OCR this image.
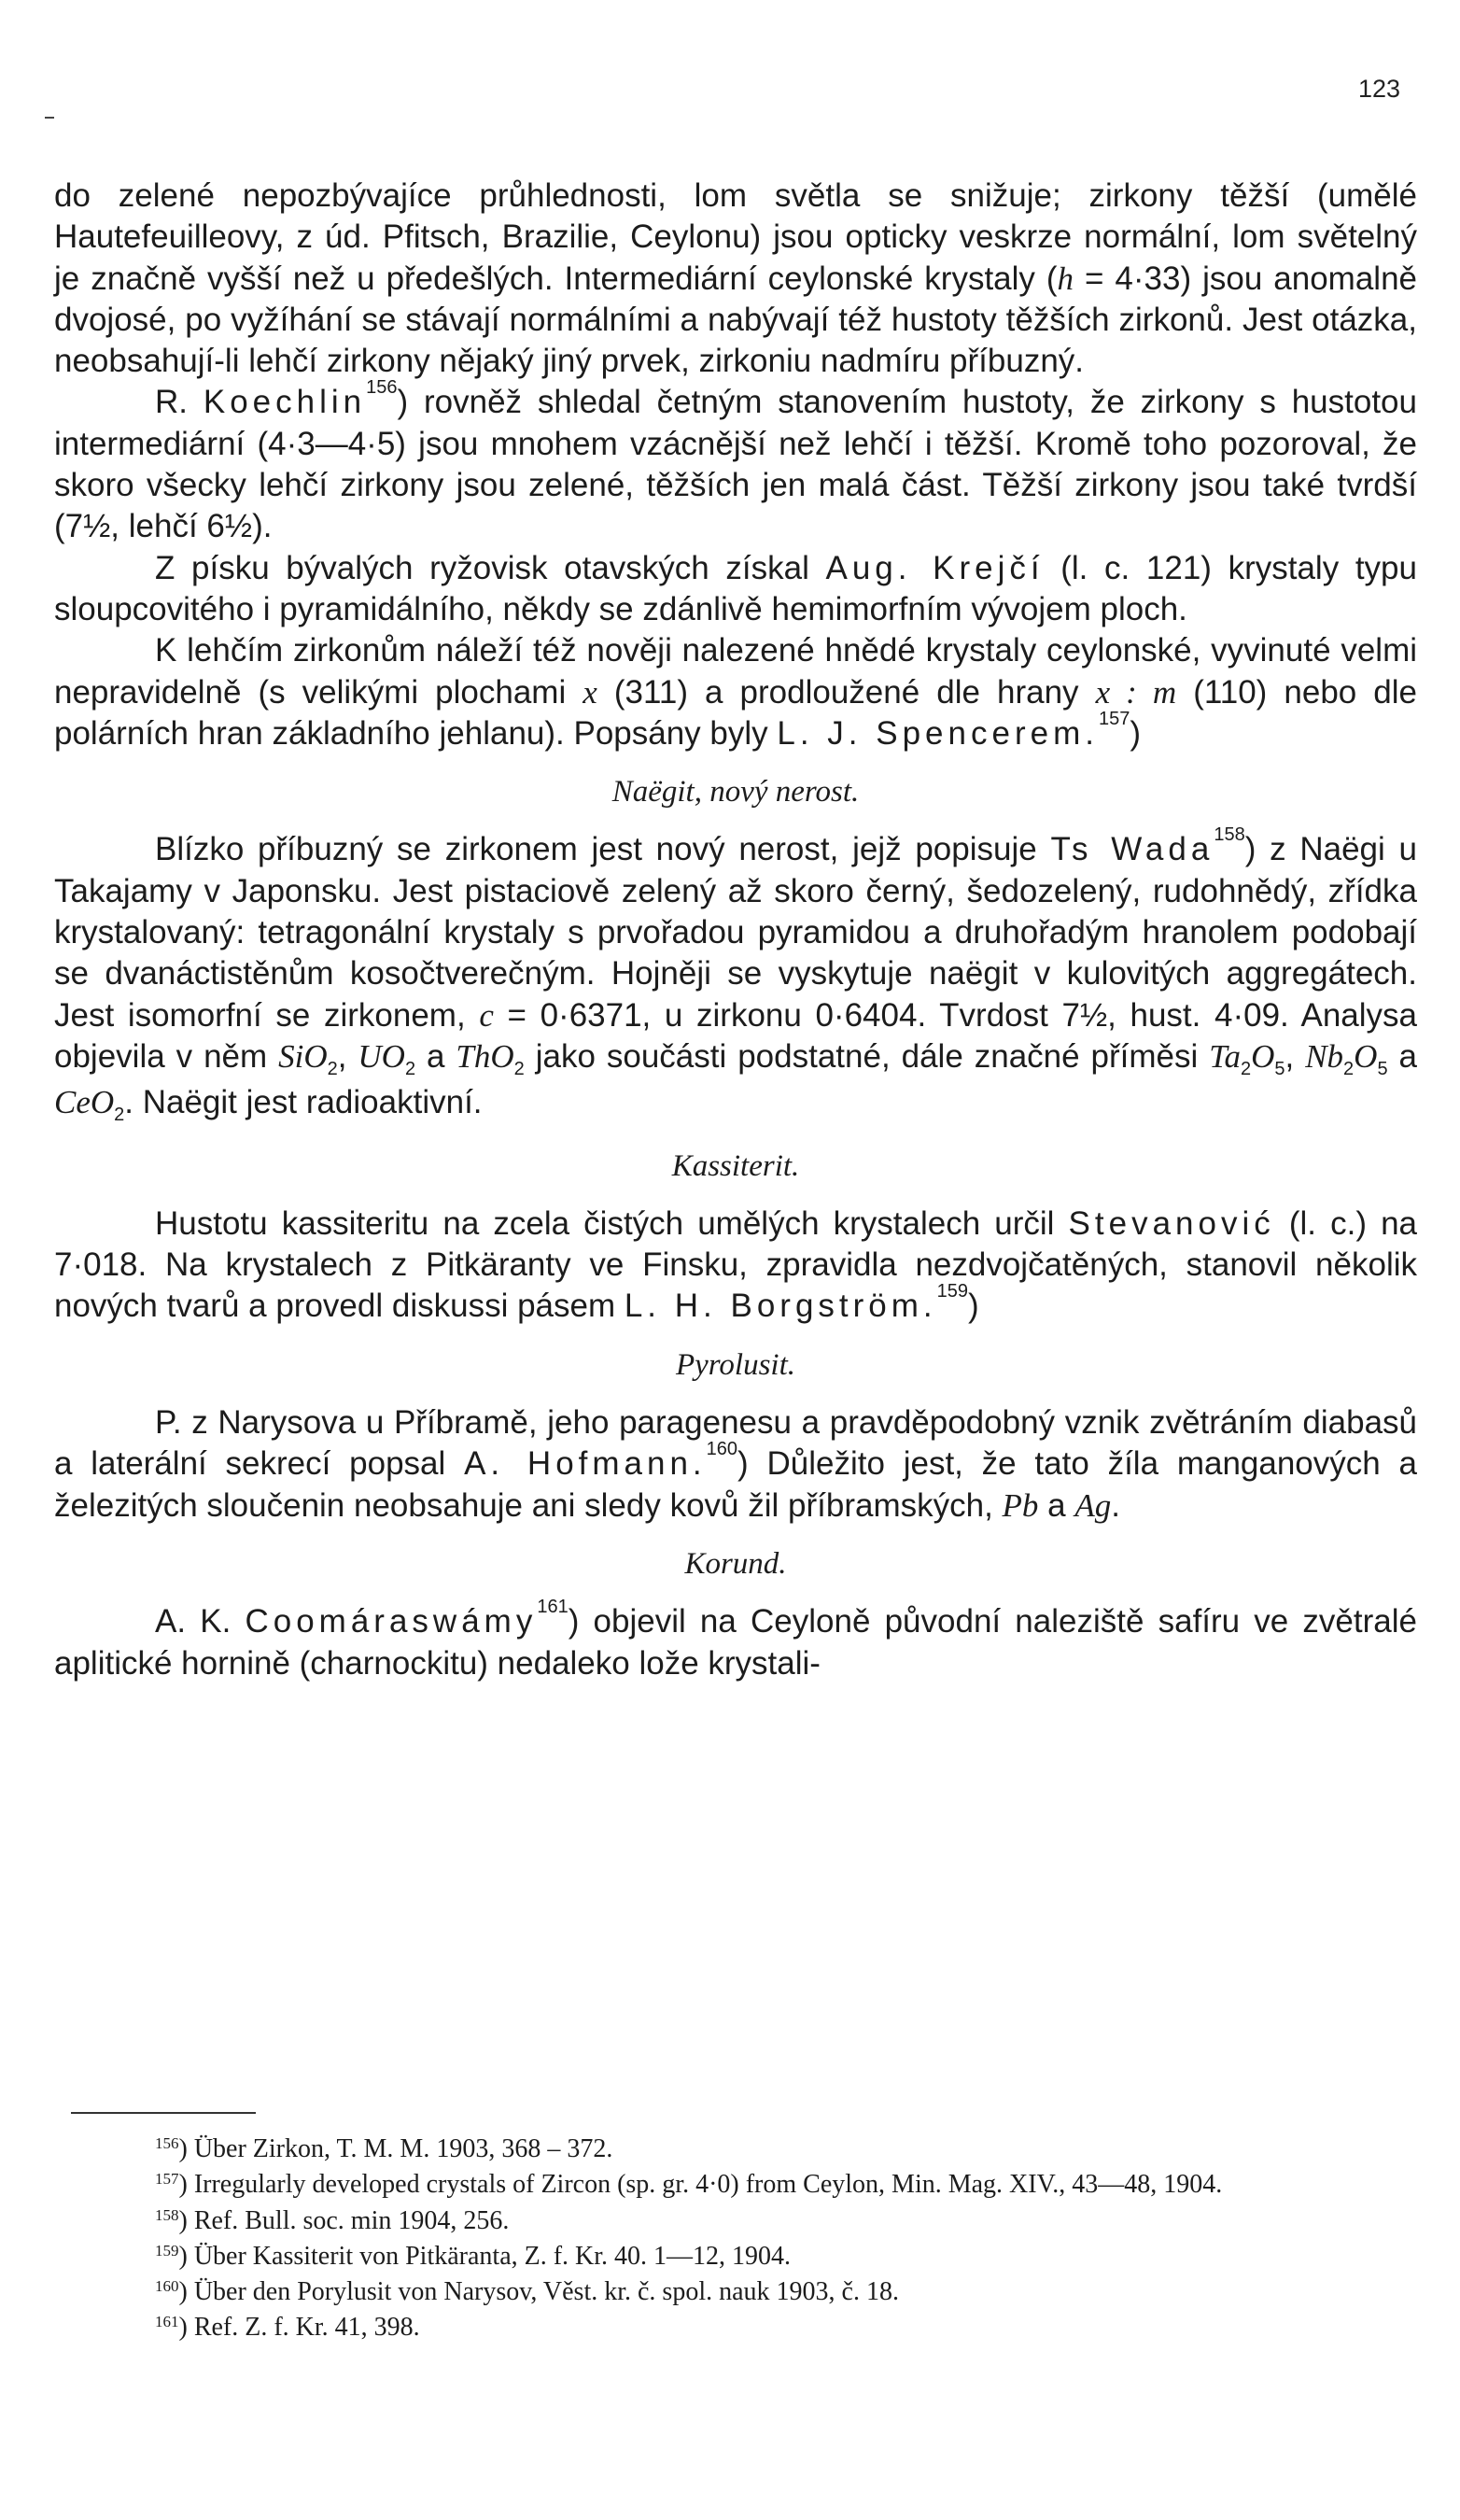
123

do zelené nepozbývajíce průhlednosti, lom světla se snižuje; zirkony těžší (umělé Hautefeuilleovy, z úd. Pfitsch, Brazilie, Ceylonu) jsou opticky veskrze normální, lom světelný je značně vyšší než u předešlých. Intermediární ceylonské krystaly (h = 4·33) jsou anomalně dvojosé, po vyžíhání se stávají normálními a nabývají též hustoty těžších zirkonů. Jest otázka, neobsahují-li lehčí zirkony nějaký jiný prvek, zirkoniu nadmíru příbuzný.

R. Koechlin$^{156}$) rovněž shledal četným stanovením hustoty, že zirkony s hustotou intermediární (4·3—4·5) jsou mnohem vzácnější než lehčí i těžší. Kromě toho pozoroval, že skoro všecky lehčí zirkony jsou zelené, těžších jen malá část. Těžší zirkony jsou také tvrdší (7½, lehčí 6½).

Z písku bývalých ryžovisk otavských získal Aug. Krejčí (l. c. 121) krystaly typu sloupcovitého i pyramidálního, někdy se zdánlivě hemimorfním vývojem ploch.

K lehčím zirkonům náleží též nověji nalezené hnědé krystaly ceylonské, vyvinuté velmi nepravidelně (s velikými plochami x (311) a prodloužené dle hrany x : m (110) nebo dle polárních hran základního jehlanu). Popsány byly L. J. Spencerem.$^{157}$)

Naëgit, nový nerost.

Blízko příbuzný se zirkonem jest nový nerost, jejž popisuje Ts Wada$^{158}$) z Naëgi u Takajamy v Japonsku. Jest pistaciově zelený až skoro černý, šedozelený, rudohnědý, zřídka krystalovaný: tetragonální krystaly s prvořadou pyramidou a druhořadým hranolem podobají se dvanáctistěnům kosočtverečným. Hojněji se vyskytuje naëgit v kulovitých aggregátech. Jest isomorfní se zirkonem, c = 0·6371, u zirkonu 0·6404. Tvrdost 7½, hust. 4·09. Analysa objevila v něm SiO$_2$, $UO_2$ a ThO$_2$ jako součásti podstatné, dále značné příměsi $Ta_2O_5$, $Nb_2O_5$ a CeO$_2$. Naëgit jest radioaktivní.

Kassiterit.

Hustotu kassiteritu na zcela čistých umělých krystalech určil Stevanović (l. c.) na 7·018. Na krystalech z Pitkäranty ve Finsku, zpravidla nezdvojčatěných, stanovil několik nových tvarů a provedl diskussi pásem L. H. Borgström.$^{159}$)

Pyrolusit.

P. z Narysova u Příbramě, jeho paragenesu a pravděpodobný vznik zvětráním diabasů a laterální sekrecí popsal A. Hofmann.$^{160}$) Důležito jest, že tato žíla manganových a železitých sloučenin neobsahuje ani sledy kovů žil příbramských, Pb a Ag.

Korund.

A. K. Coomáraswámy$^{161}$) objevil na Ceyloně původní naleziště safíru ve zvětralé aplitické hornině (charnockitu) nedaleko lože krystali-

$^{156}$) Über Zirkon, T. M. M. 1903, 368 – 372.

$^{157}$) Irregularly developed crystals of Zircon (sp. gr. 4·0) from Ceylon, Min. Mag. XIV., 43—48, 1904.

$^{158}$) Ref. Bull. soc. min 1904, 256.

$^{159}$) Über Kassiterit von Pitkäranta, Z. f. Kr. 40. 1—12, 1904.

$^{160}$) Über den Porylusit von Narysov, Věst. kr. č. spol. nauk 1903, č. 18.

$^{161}$) Ref. Z. f. Kr. 41, 398.
